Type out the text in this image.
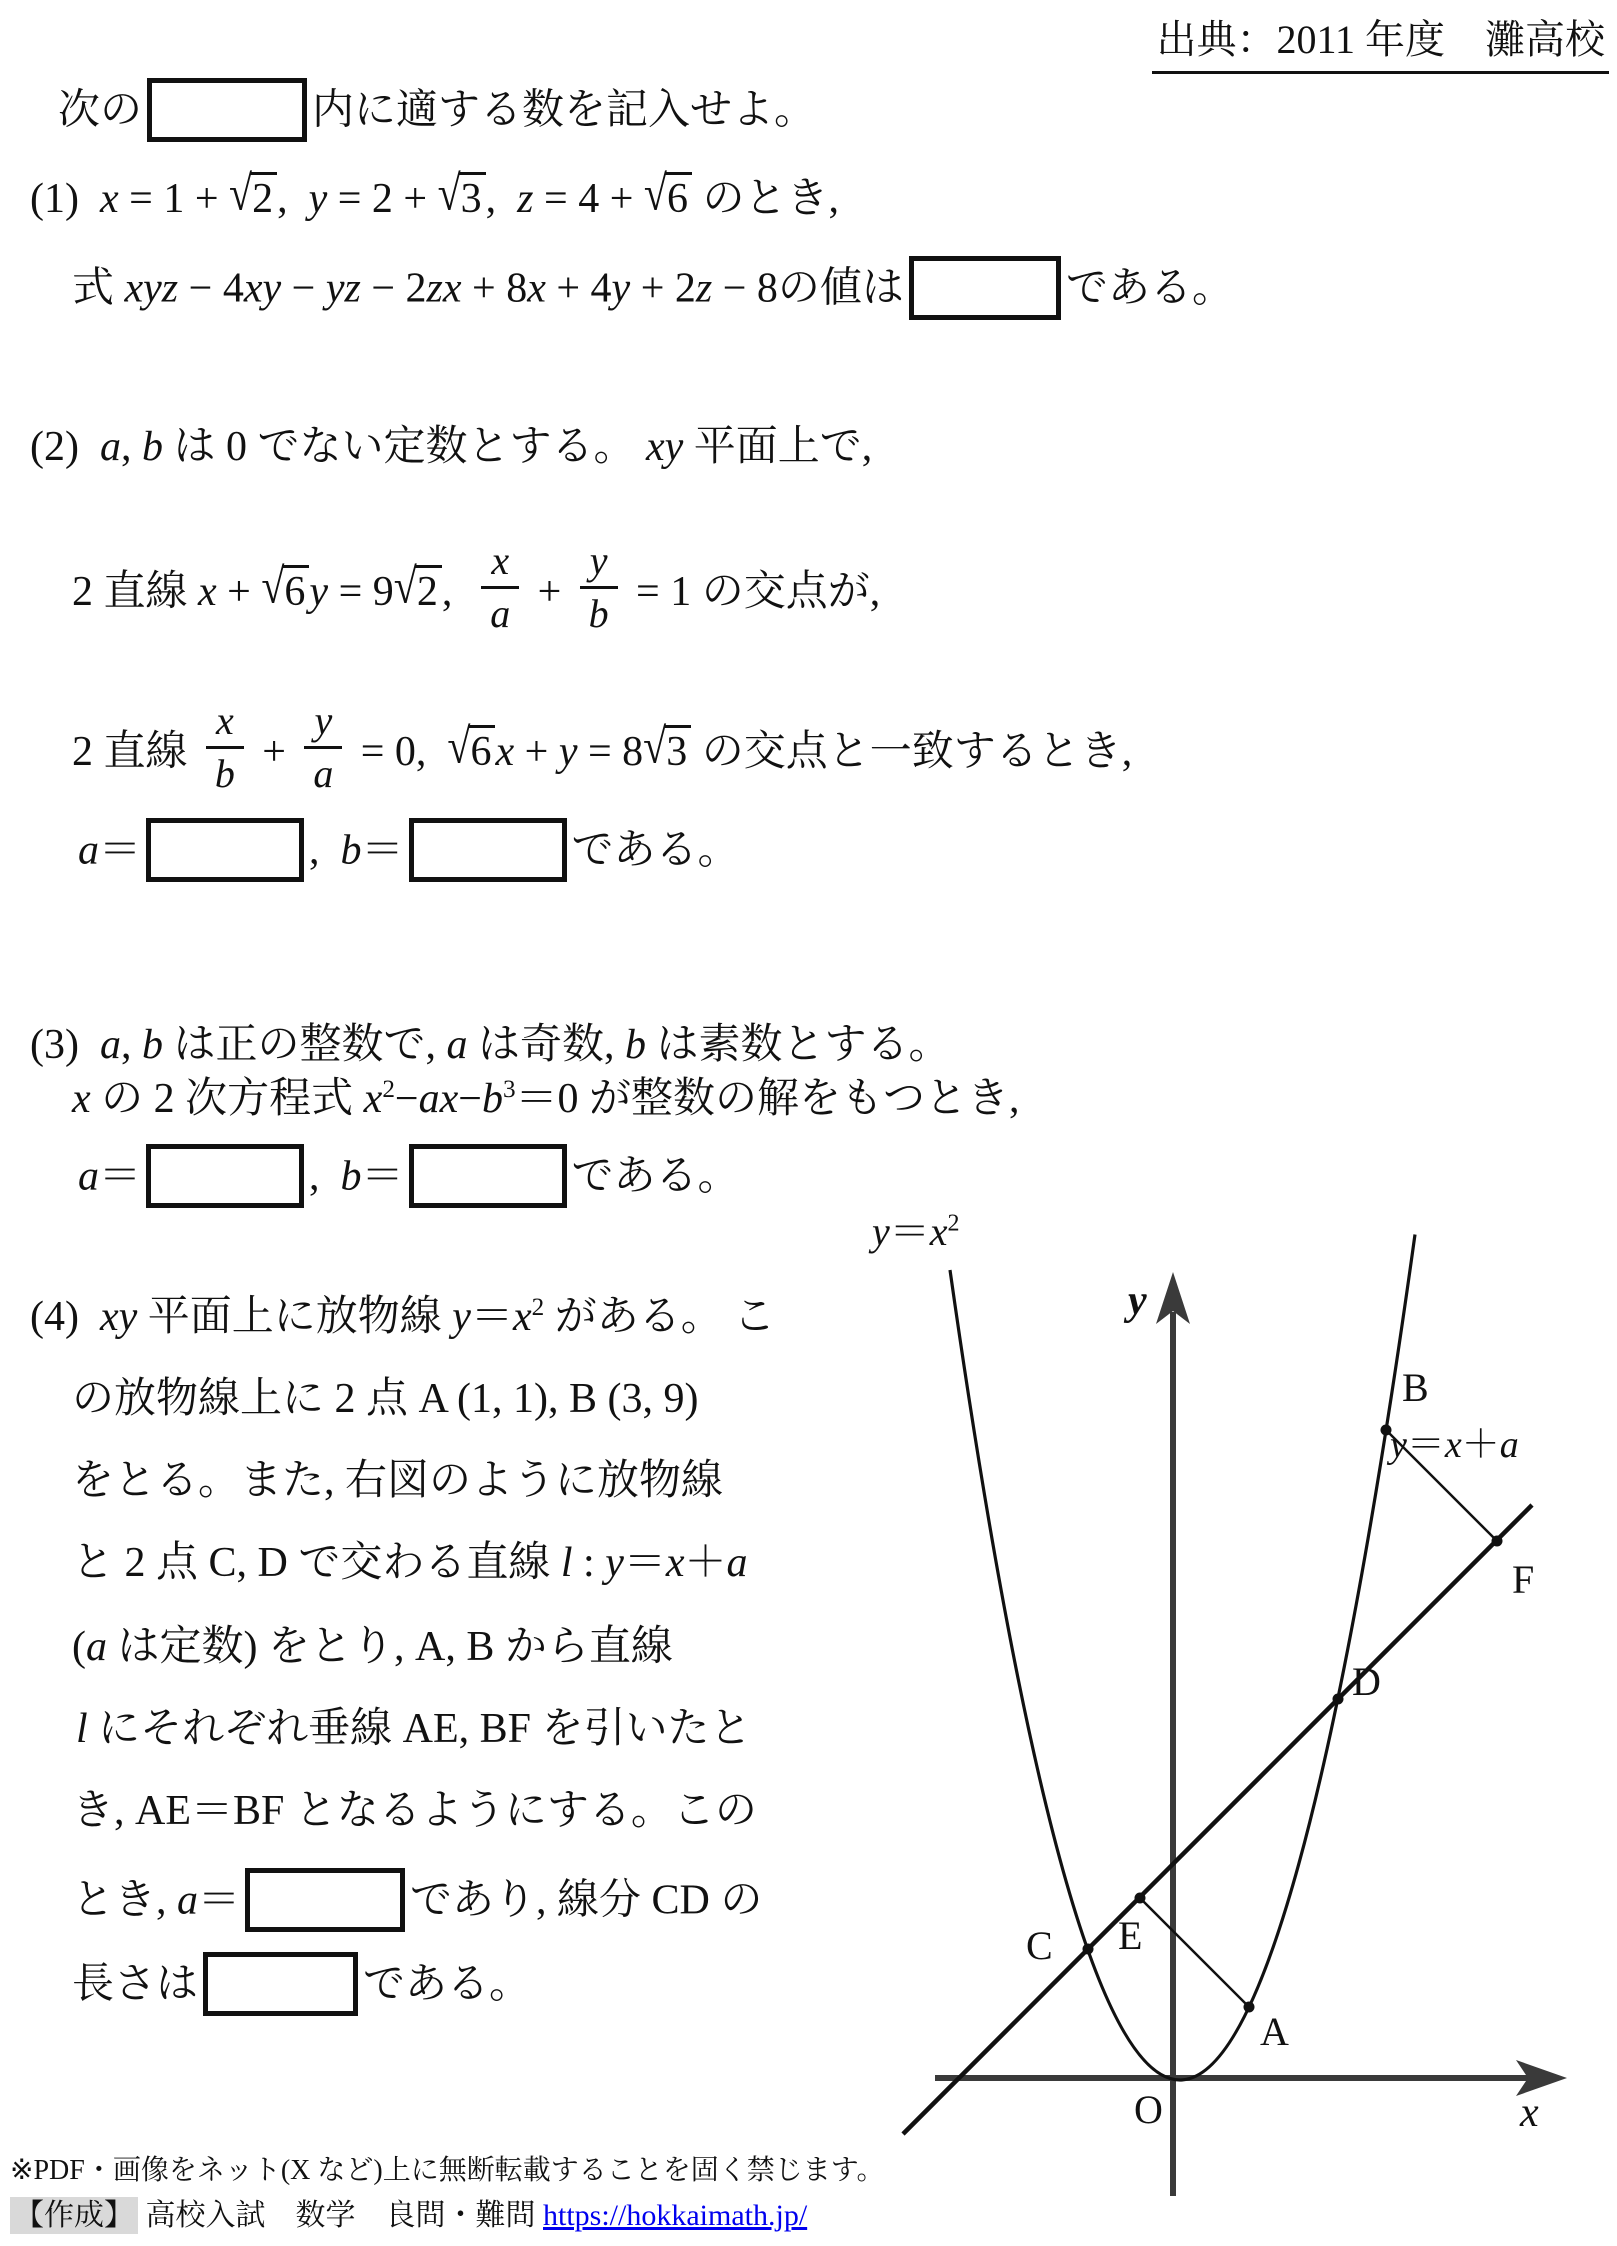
出典：2011 年度　灘高校
次の	内に適する数を記入せよ。
(1)  x = 1 + √2,  y = 2 + √3,  z = 4 + √6 のとき,
式 xyz − 4xy − yz − 2zx + 8x + 4y + 2z − 8の値は	である。
(2)  a, b は 0 でない定数とする。 xy 平面上で,
2 直線 x + √6y = 9√2, $\frac{x}{a} + \frac{y}{b} = 1$ の交点が,
2 直線 $\frac{x}{b} + \frac{y}{a} = 0$,  √6x + y = 8√3 の交点と一致するとき,
a＝	,  b＝	である。
(3)  a, b は正の整数で, a は奇数, b は素数とする。
x の 2 次方程式 $x^2-ax-b^3=0$ が整数の解をもつとき,
a＝	,  b＝	である。
(4)  xy 平面上に放物線 $y=x^2$ がある。 こ
の放物線上に 2 点 A (1, 1), B (3, 9)
をとる。また, 右図のように放物線
と 2 点 C, D で交わる直線 l : y＝x＋a
(a は定数) をとり, A, B から直線
l にそれぞれ垂線 AE, BF を引いたと
き, AE＝BF となるようにする。この
とき, a＝	であり, 線分 CD の
長さは	である。
$y=x^2$
y
x
O
B
y＝x＋a
F
D
C E
A
※PDF・画像をネット(X など)上に無断転載することを固く禁じます。
【作成】 高校入試　数学　良問・難問 https://hokkaimath.jp/
